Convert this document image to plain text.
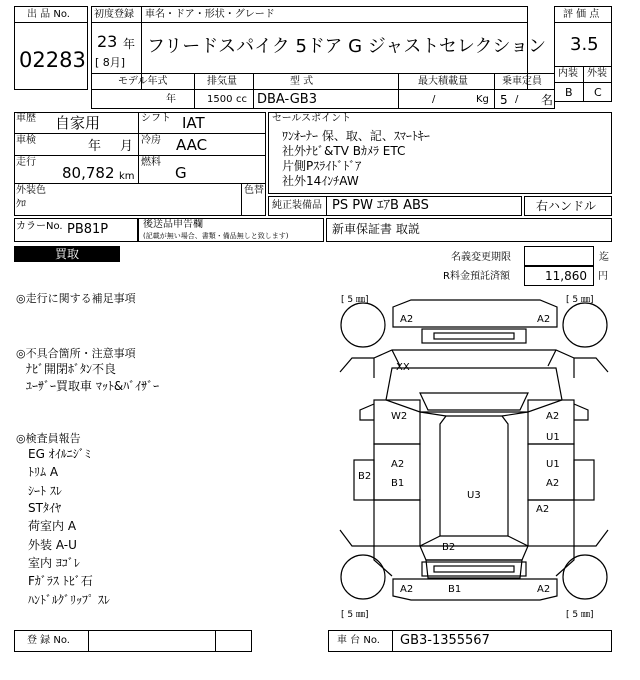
出 品 No.
02283
初度登録 車名・ドア・形状・グレード
23 年
[ 8月]
フリードスパイク 5ドア G ジャストセレクション
評 価 点
3.5
内装 外装
B C
モデル年式	排気量	型 式	最大積載量	乗車定員
年	1500 cc DBA-GB3	/	Kg 5 / 名
車歴 自家用	シフト IAT
車検	年 月 冷房 AAC
走行
80,782 km
燃料
G
外装色
ｸﾛ
色替
カラーNo. PB81P	後送品申告欄
(記載が無い場合、書類・備品無しと致します)
セールスポイント
ﾜﾝｵｰﾅｰ 保、取、記、ｽﾏｰﾄｷｰ
社外ﾅﾋﾞ&TV Bｶﾒﾗ ETC
片側Pｽﾗｲﾄﾞﾄﾞｱ
社外14ｲﾝﾁAW
純正装備品 PS PW ｴｱB ABS	右ハンドル
新車保証書 取説
買取	名義変更期限	迄
R料金預託済額	11,860 円
◎走行に関する補足事項
◎不具合箇所・注意事項
ﾅﾋﾞ開閉ﾎﾞﾀﾝ不良
ﾕｰｻﾞｰ買取車 ﾏｯﾄ&ﾊﾞｲｻﾞｰ
◎検査員報告
EG ｵｲﾙﾆｼﾞﾐ
ﾄﾘﾑ A
ｼｰﾄ ｽﾚ
STﾀｲﾔ
荷室内 A
外装 A-U
室内 ﾖｺﾞﾚ
Fｶﾞﾗｽ ﾄﾋﾞ石
ﾊﾝﾄﾞﾙｸﾞﾘｯﾌﾟ ｽﾚ
[ 5 ㎜]	[ 5 ㎜]
[ 5 ㎜]	[ 5 ㎜]
A2	A2
XX
W2	A2
U1
A2
B1
U1
A2
B2
U3
A2
B2
A2	B1	A2
登 録 No.	車 台 No. GB3-1355567
